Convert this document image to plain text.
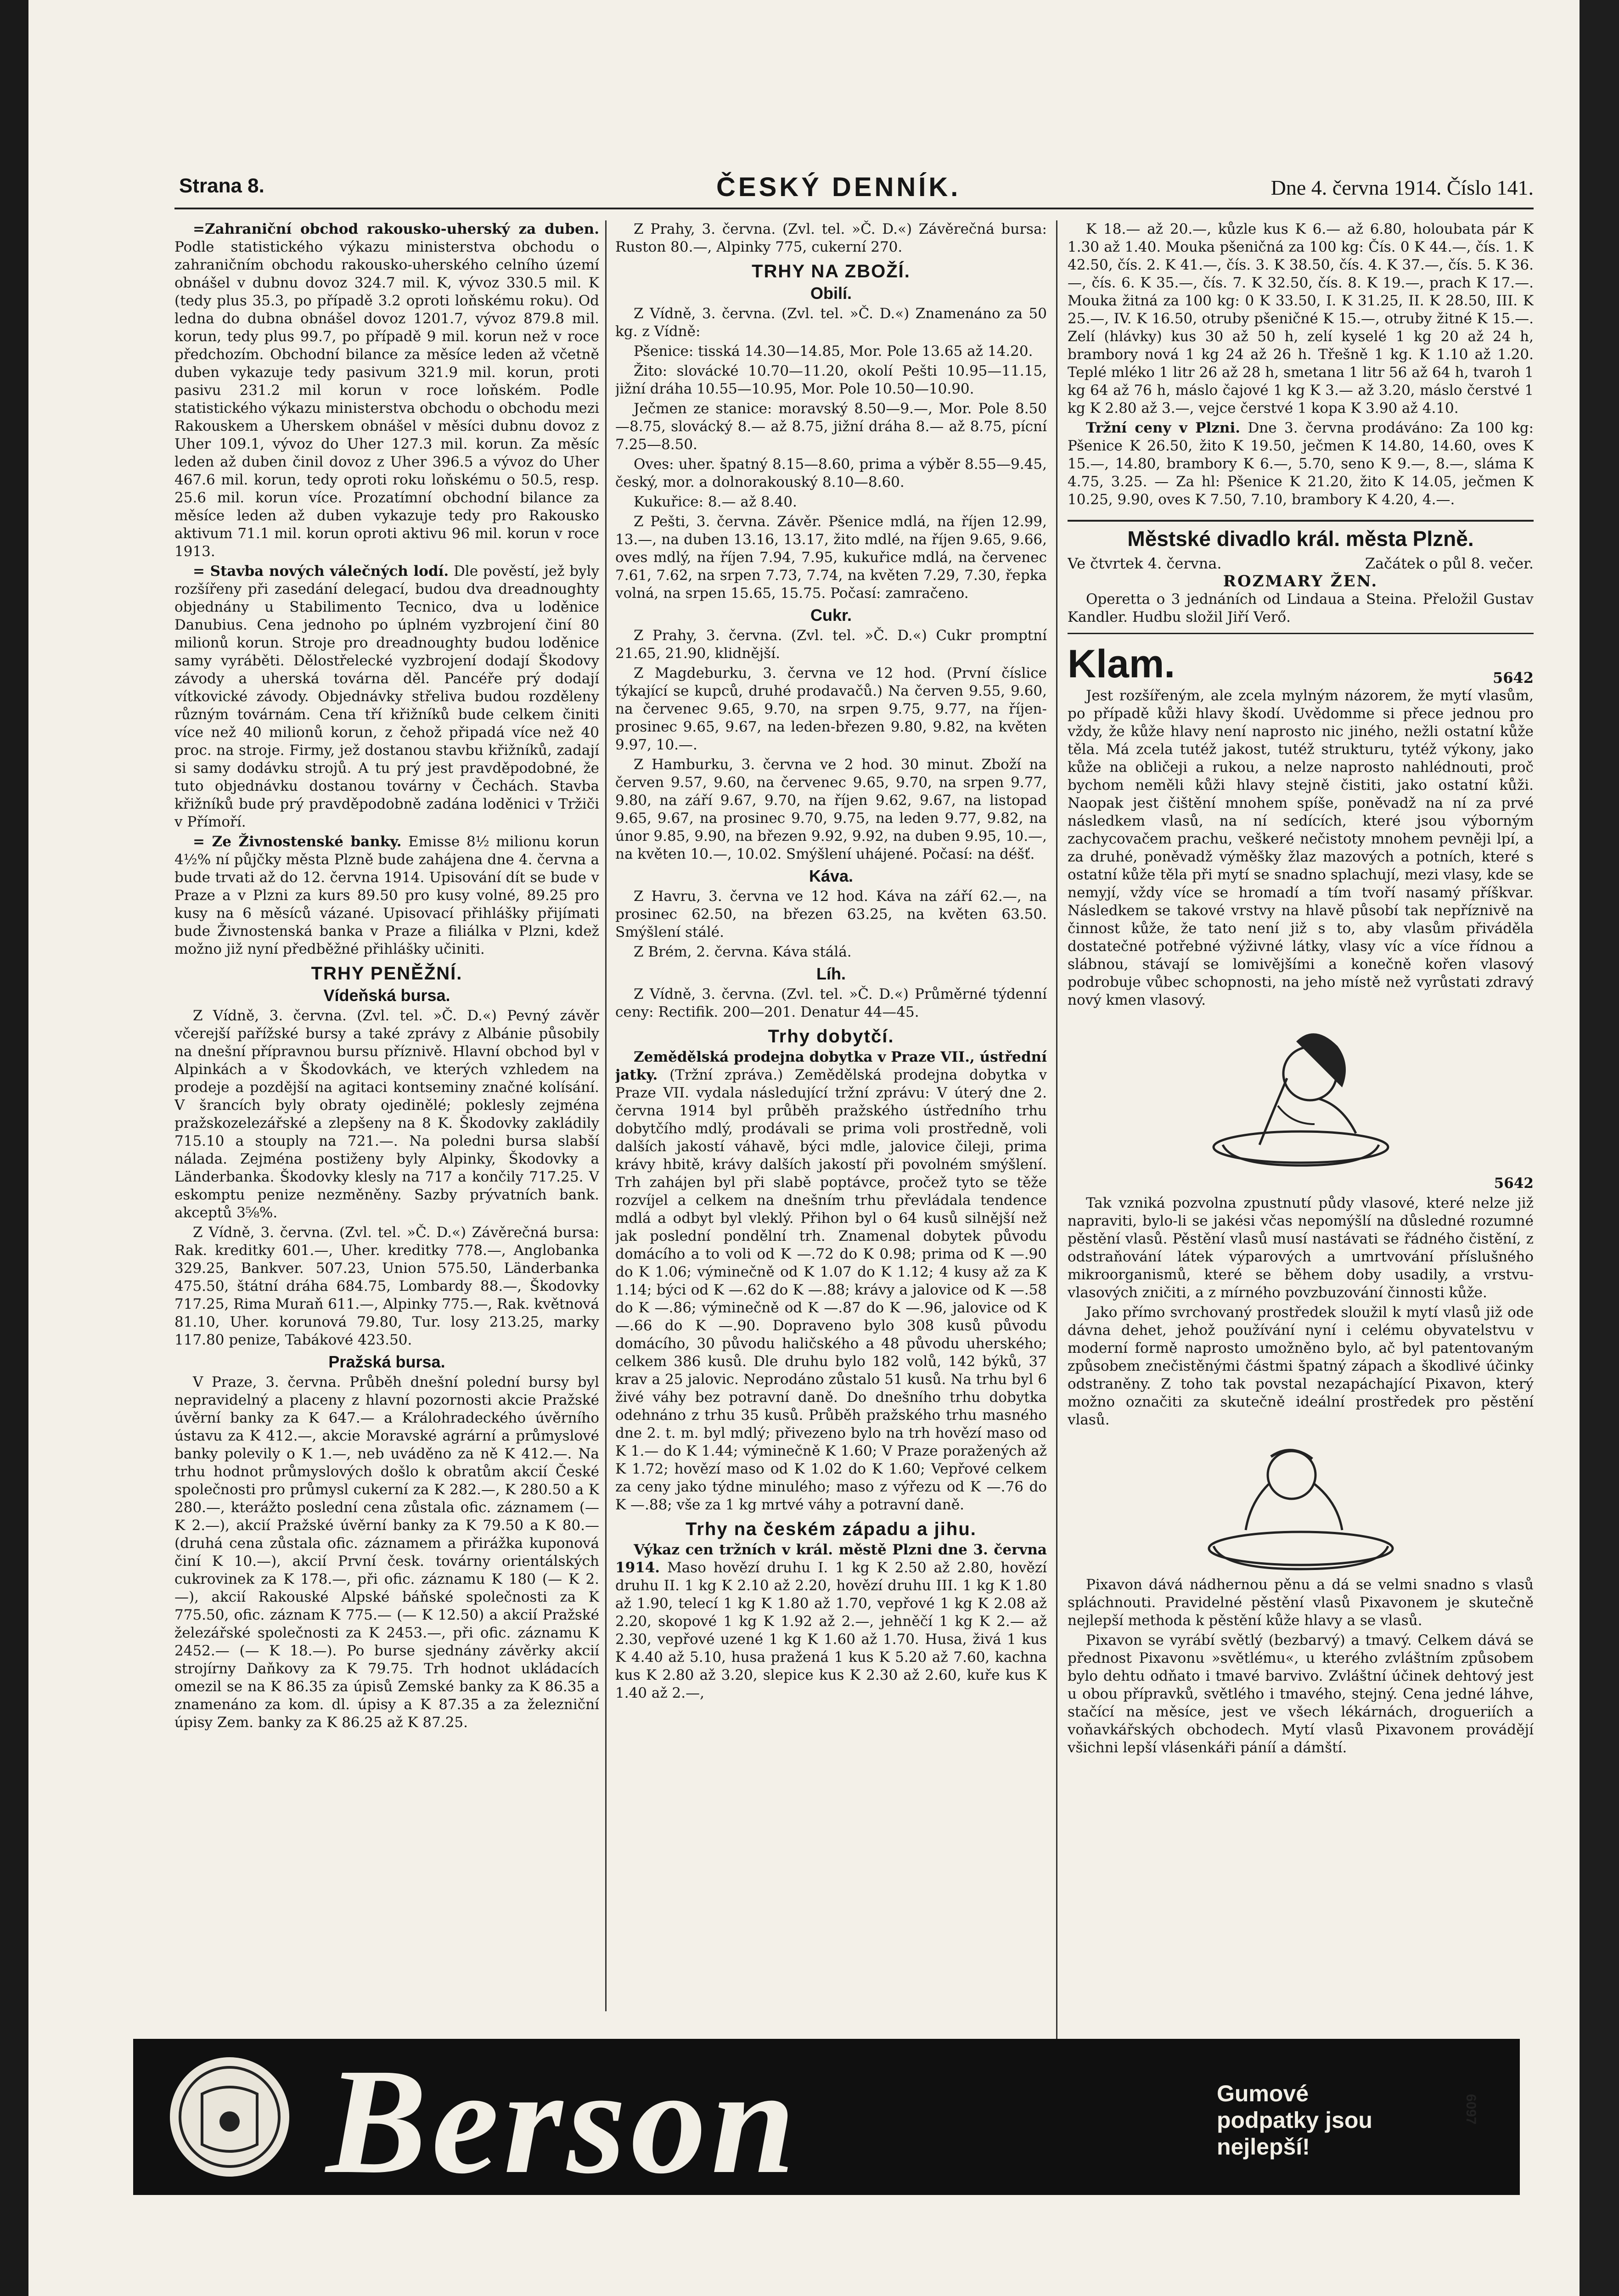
Strana 8.	ČESKÝ DENNÍK.	Dne 4. června 1914. Číslo 141.

=Zahraniční obchod rakousko-uherský za duben. Podle statistického výkazu ministerstva obchodu o zahraničním obchodu rakousko-uherského celního území obnášel v dubnu dovoz 324.7 mil. K, vývoz 330.5 mil. K (tedy plus 35.3, po případě 3.2 oproti loňskému roku). Od ledna do dubna obnášel dovoz 1201.7, vývoz 879.8 mil. korun, tedy plus 99.7, po případě 9 mil. korun než v roce předchozím. Obchodní bilance za měsíce leden až včetně duben vykazuje tedy pasivum 321.9 mil. korun, proti pasivu 231.2 mil korun v roce loňském. Podle statistického výkazu ministerstva obchodu o obchodu mezi Rakouskem a Uherskem obnášel v měsíci dubnu dovoz z Uher 109.1, vývoz do Uher 127.3 mil. korun. Za měsíc leden až duben činil dovoz z Uher 396.5 a vývoz do Uher 467.6 mil. korun, tedy oproti roku loňskému o 50.5, resp. 25.6 mil. korun více. Prozatímní obchodní bilance za měsíce leden až duben vykazuje tedy pro Rakousko aktivum 71.1 mil. korun oproti aktivu 96 mil. korun v roce 1913.

= Stavba nových válečných lodí. Dle pověstí, jež byly rozšířeny při zasedání delegací, budou dva dreadnoughty objednány u Stabilimento Tecnico, dva u loděnice Danubius. Cena jednoho po úplném vyzbrojení činí 80 milionů korun. Stroje pro dreadnoughty budou loděnice samy vyráběti. Dělostřelecké vyzbrojení dodají Škodovy závody a uherská továrna děl. Pancéře prý dodají vítkovické závody. Objednávky střeliva budou rozděleny různým továrnám. Cena tří křižníků bude celkem činiti více než 40 milionů korun, z čehož připadá více než 40 proc. na stroje. Firmy, jež dostanou stavbu křižníků, zadají si samy dodávku strojů. A tu prý jest pravděpodobné, že tuto objednávku dostanou továrny v Čechách. Stavba křižníků bude prý pravděpodobně zadána loděnici v Tržiči v Přímoří.

= Ze Živnostenské banky. Emisse 8½ milionu korun 4½% ní půjčky města Plzně bude zahájena dne 4. června a bude trvati až do 12. června 1914. Upisování dít se bude v Praze a v Plzni za kurs 89.50 pro kusy volné, 89.25 pro kusy na 6 měsíců vázané. Upisovací přihlášky přijímati bude Živnostenská banka v Praze a filiálka v Plzni, kdež možno již nyní předběžné přihlášky učiniti.

TRHY PENĚŽNÍ.
Vídeňská bursa.

Z Vídně, 3. června. (Zvl. tel. »Č. D.«) Pevný závěr včerejší pařížské bursy a také zprávy z Albánie působily na dnešní přípravnou bursu příznivě. Hlavní obchod byl v Alpinkách a v Škodovkách, ve kterých vzhledem na prodeje a pozdější na agitaci kontseminy značné kolísání. V šrancích byly obraty ojedinělé; poklesly zejména pražskozelezářské a zlepšeny na 8 K. Škodovky zakládily 715.10 a stouply na 721.—. Na poledni bursa slabší nálada. Zejména postiženy byly Alpinky, Škodovky a Länderbanka. Škodovky klesly na 717 a končily 717.25. V eskomptu penize nezměněny. Sazby prývatních bank. akceptů 3⅝%.

Z Vídně, 3. června. (Zvl. tel. »Č. D.«) Závěrečná bursa: Rak. kreditky 601.—, Uher. kreditky 778.—, Anglobanka 329.25, Bankver. 507.23, Union 575.50, Länderbanka 475.50, štátní dráha 684.75, Lombardy 88.—, Škodovky 717.25, Rima Muraň 611.—, Alpinky 775.—, Rak. květnová 81.10, Uher. korunová 79.80, Tur. losy 213.25, marky 117.80 penize, Tabákové 423.50.

Pražská bursa.

V Praze, 3. června. Průběh dnešní polední bursy byl nepravidelný a placeny z hlavní pozornosti akcie Pražské úvěrní banky za K 647.— a Králohradeckého úvěrního ústavu za K 412.—, akcie Moravské agrární a průmyslové banky polevily o K 1.—, neb uváděno za ně K 412.—. Na trhu hodnot průmyslových došlo k obratům akcií České společnosti pro průmysl cukerní za K 282.—, K 280.50 a K 280.—, kterážto poslední cena zůstala ofic. záznamem (— K 2.—), akcií Pražské úvěrní banky za K 79.50 a K 80.— (druhá cena zůstala ofic. záznamem a přirážka kuponová činí K 10.—), akcií První česk. továrny orientálských cukrovinek za K 178.—, při ofic. záznamu K 180 (— K 2.—), akcií Rakouské Alpské báňské společnosti za K 775.50, ofic. záznam K 775.— (— K 12.50) a akcií Pražské železářské společnosti za K 2453.—, při ofic. záznamu K 2452.— (— K 18.—). Po burse sjednány závěrky akcií strojírny Daňkovy za K 79.75. Trh hodnot ukládacích omezil se na K 86.35 za úpisů Zemské banky za K 86.35 a znamenáno za kom. dl. úpisy a K 87.35 a za železniční úpisy Zem. banky za K 86.25 až K 87.25.

Z Prahy, 3. června. (Zvl. tel. »Č. D.«) Závěrečná bursa: Ruston 80.—, Alpinky 775, cukerní 270.

TRHY NA ZBOŽÍ.
Obilí.

Z Vídně, 3. června. (Zvl. tel. »Č. D.«) Znamenáno za 50 kg. z Vídně:

Pšenice: tisská 14.30—14.85, Mor. Pole 13.65 až 14.20.

Žito: slovácké 10.70—11.20, okolí Pešti 10.95—11.15, jižní dráha 10.55—10.95, Mor. Pole 10.50—10.90.

Ječmen ze stanice: moravský 8.50—9.—, Mor. Pole 8.50—8.75, slovácký 8.— až 8.75, jižní dráha 8.— až 8.75, pícní 7.25—8.50.

Oves: uher. špatný 8.15—8.60, prima a výběr 8.55—9.45, český, mor. a dolnorakouský 8.10—8.60.

Kukuřice: 8.— až 8.40.

Z Pešti, 3. června. Závěr. Pšenice mdlá, na říjen 12.99, 13.—, na duben 13.16, 13.17, žito mdlé, na říjen 9.65, 9.66, oves mdlý, na říjen 7.94, 7.95, kukuřice mdlá, na červenec 7.61, 7.62, na srpen 7.73, 7.74, na květen 7.29, 7.30, řepka volná, na srpen 15.65, 15.75. Počasí: zamračeno.

Cukr.

Z Prahy, 3. června. (Zvl. tel. »Č. D.«) Cukr promptní 21.65, 21.90, klidnější.

Z Magdeburku, 3. června ve 12 hod. (První číslice týkající se kupců, druhé prodavačů.) Na červen 9.55, 9.60, na červenec 9.65, 9.70, na srpen 9.75, 9.77, na říjen-prosinec 9.65, 9.67, na leden-březen 9.80, 9.82, na květen 9.97, 10.—.

Z Hamburku, 3. června ve 2 hod. 30 minut. Zboží na červen 9.57, 9.60, na červenec 9.65, 9.70, na srpen 9.77, 9.80, na září 9.67, 9.70, na říjen 9.62, 9.67, na listopad 9.65, 9.67, na prosinec 9.70, 9.75, na leden 9.77, 9.82, na únor 9.85, 9.90, na březen 9.92, 9.92, na duben 9.95, 10.—, na květen 10.—, 10.02. Smýšlení uhájené. Počasí: na déšť.

Káva.

Z Havru, 3. června ve 12 hod. Káva na září 62.—, na prosinec 62.50, na březen 63.25, na květen 63.50. Smýšlení stálé.

Z Brém, 2. června. Káva stálá.

Líh.

Z Vídně, 3. června. (Zvl. tel. »Č. D.«) Průměrné týdenní ceny: Rectifik. 200—201. Denatur 44—45.

Trhy dobytčí.

Zemědělská prodejna dobytka v Praze VII., ústřední jatky. (Tržní zpráva.) Zemědělská prodejna dobytka v Praze VII. vydala následující tržní zprávu: V úterý dne 2. června 1914 byl průběh pražského ústředního trhu dobytčího mdlý, prodávali se prima voli prostředně, voli dalších jakostí váhavě, býci mdle, jalovice čileji, prima krávy hbitě, krávy dalších jakostí při povolném smýšlení. Trh zahájen byl při slabě poptávce, pročež tyto se těže rozvíjel a celkem na dnešním trhu převládala tendence mdlá a odbyt byl vleklý. Přihon byl o 64 kusů silnější než jak poslední pondělní trh. Znamenal dobytek původu domácího a to voli od K —.72 do K 0.98; prima od K —.90 do K 1.06; výminečně od K 1.07 do K 1.12; 4 kusy až za K 1.14; býci od K —.62 do K —.88; krávy a jalovice od K —.58 do K —.86; výminečně od K —.87 do K —.96, jalovice od K —.66 do K —.90. Dopraveno bylo 308 kusů původu domácího, 30 původu haličského a 48 původu uherského; celkem 386 kusů. Dle druhu bylo 182 volů, 142 býků, 37 krav a 25 jalovic. Neprodáno zůstalo 51 kusů. Na trhu byl 6 živé váhy bez potravní daně. Do dnešního trhu dobytka odehnáno z trhu 35 kusů. Průběh pražského trhu masného dne 2. t. m. byl mdlý; přivezeno bylo na trh hovězí maso od K 1.— do K 1.44; výminečně K 1.60; V Praze poražených až K 1.72; hovězí maso od K 1.02 do K 1.60; Vepřové celkem za ceny jako týdne minulého; maso z výřezu od K —.76 do K —.88; vše za 1 kg mrtvé váhy a potravní daně.

Trhy na českém západu a jihu.

Výkaz cen tržních v král. městě Plzni dne 3. června 1914. Maso hovězí druhu I. 1 kg K 2.50 až 2.80, hovězí druhu II. 1 kg K 2.10 až 2.20, hovězí druhu III. 1 kg K 1.80 až 1.90, telecí 1 kg K 1.80 až 1.70, vepřové 1 kg K 2.08 až 2.20, skopové 1 kg K 1.92 až 2.—, jehněčí 1 kg K 2.— až 2.30, vepřové uzené 1 kg K 1.60 až 1.70. Husa, živá 1 kus K 4.40 až 5.10, husa pražená 1 kus K 5.20 až 7.60, kachna kus K 2.80 až 3.20, slepice kus K 2.30 až 2.60, kuře kus K 1.40 až 2.—,

K 18.— až 20.—, kůzle kus K 6.— až 6.80, holoubata pár K 1.30 až 1.40. Mouka pšeničná za 100 kg: Čís. 0 K 44.—, čís. 1. K 42.50, čís. 2. K 41.—, čís. 3. K 38.50, čís. 4. K 37.—, čís. 5. K 36.—, čís. 6. K 35.—, čís. 7. K 32.50, čís. 8. K 19.—, prach K 17.—. Mouka žitná za 100 kg: 0 K 33.50, I. K 31.25, II. K 28.50, III. K 25.—, IV. K 16.50, otruby pšeničné K 15.—, otruby žitné K 15.—. Zelí (hlávky) kus 30 až 50 h, zelí kyselé 1 kg 20 až 24 h, brambory nová 1 kg 24 až 26 h. Třešně 1 kg. K 1.10 až 1.20. Teplé mléko 1 litr 26 až 28 h, smetana 1 litr 56 až 64 h, tvaroh 1 kg 64 až 76 h, máslo čajové 1 kg K 3.— až 3.20, máslo čerstvé 1 kg K 2.80 až 3.—, vejce čerstvé 1 kopa K 3.90 až 4.10.

Tržní ceny v Plzni. Dne 3. června prodáváno: Za 100 kg: Pšenice K 26.50, žito K 19.50, ječmen K 14.80, 14.60, oves K 15.—, 14.80, brambory K 6.—, 5.70, seno K 9.—, 8.—, sláma K 4.75, 3.25. — Za hl: Pšenice K 21.20, žito K 14.05, ječmen K 10.25, 9.90, oves K 7.50, 7.10, brambory K 4.20, 4.—.

Městské divadlo král. města Plzně.
Ve čtvrtek 4. června.	Začátek o půl 8. večer.
ROZMARY ŽEN.

Operetta o 3 jednáních od Lindaua a Steina. Přeložil Gustav Kandler. Hudbu složil Jiří Verő.

Klam.	5642

Jest rozšířeným, ale zcela mylným názorem, že mytí vlasům, po případě kůži hlavy škodí. Uvědomme si přece jednou pro vždy, že kůže hlavy není naprosto nic jiného, nežli ostatní kůže těla. Má zcela tutéž jakost, tutéž strukturu, tytéž výkony, jako kůže na obličeji a rukou, a nelze naprosto nahlédnouti, proč bychom neměli kůži hlavy stejně čistiti, jako ostatní kůži. Naopak jest čištění mnohem spíše, poněvadž na ní za prvé následkem vlasů, na ní sedících, které jsou výborným zachycovačem prachu, veškeré nečistoty mnohem pevněji lpí, a za druhé, poněvadž výměšky žlaz mazových a potních, které s ostatní kůže těla při mytí se snadno splachují, mezi vlasy, kde se nemyjí, vždy více se hromadí a tím tvoří nasamý příškvar. Následkem se takové vrstvy na hlavě působí tak nepříznivě na činnost kůže, že tato není již s to, aby vlasům přiváděla dostatečné potřebné výživné látky, vlasy víc a více řídnou a slábnou, stávají se lomivějšími a konečně kořen vlasový podrobuje vůbec schopnosti, na jeho místě než vyrůstati zdravý nový kmen vlasový.

5642

Tak vzniká pozvolna zpustnutí půdy vlasové, které nelze již napraviti, bylo-li se jakési včas nepomýšlí na důsledné rozumné pěstění vlasů. Pěstění vlasů musí nastávati se řádného čistění, z odstraňování látek výparových a umrtvování příslušného mikroorganismů, které se během doby usadily, a vrstvu-vlasových zničiti, a z mírného povzbuzování činnosti kůže.

Jako přímo svrchovaný prostředek sloužil k mytí vlasů již ode dávna dehet, jehož používání nyní i celému obyvatelstvu v moderní formě naprosto umožněno bylo, ač byl patentovaným způsobem znečistěnými částmi špatný zápach a škodlivé účinky odstraněny. Z toho tak povstal nezapáchající Pixavon, který možno označiti za skutečně ideální prostředek pro pěstění vlasů.

Pixavon dává nádhernou pěnu a dá se velmi snadno s vlasů spláchnouti. Pravidelné pěstění vlasů Pixavonem je skutečně nejlepší methoda k pěstění kůže hlavy a se vlasů.

Pixavon se vyrábí světlý (bezbarvý) a tmavý. Celkem dává se přednost Pixavonu »světlému«, u kterého zvláštním způsobem bylo dehtu odňato i tmavé barvivo. Zvláštní účinek dehtový jest u obou přípravků, světlého i tmavého, stejný. Cena jedné láhve, stačící na měsíce, jest ve všech lékárnách, drogueriích a voňavkářských obchodech. Mytí vlasů Pixavonem provádějí všichni lepší vlásenkáři páníí a dámští.

Berson	Gumové podpatky jsou nejlepší!
6097
